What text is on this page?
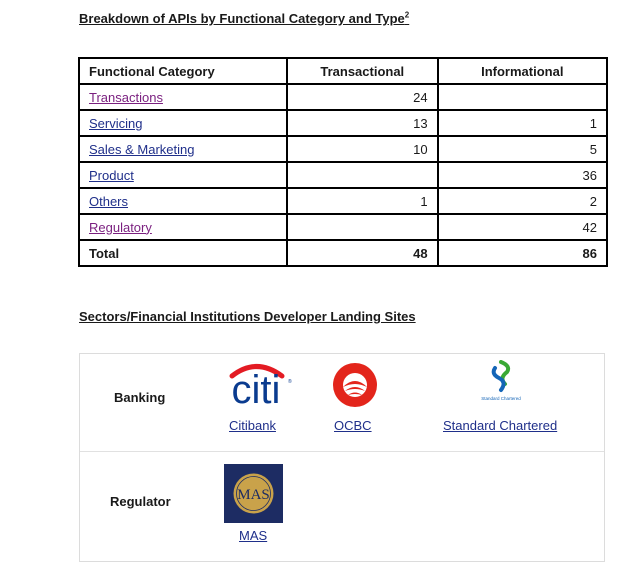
Breakdown of APIs by Functional Category and Type$^2$
Functional Category	Transactional	Informational
Transactions	24	
Servicing	13	1
Sales & Marketing	10	5
Product		36
Others	1	2
Regulatory		42
Total	48	86
Sectors/Financial Institutions Developer Landing Sites
Banking citi ®
Citibank	OCBC
Standard Chartered
Standard Chartered
Regulator	MAS
MAS
